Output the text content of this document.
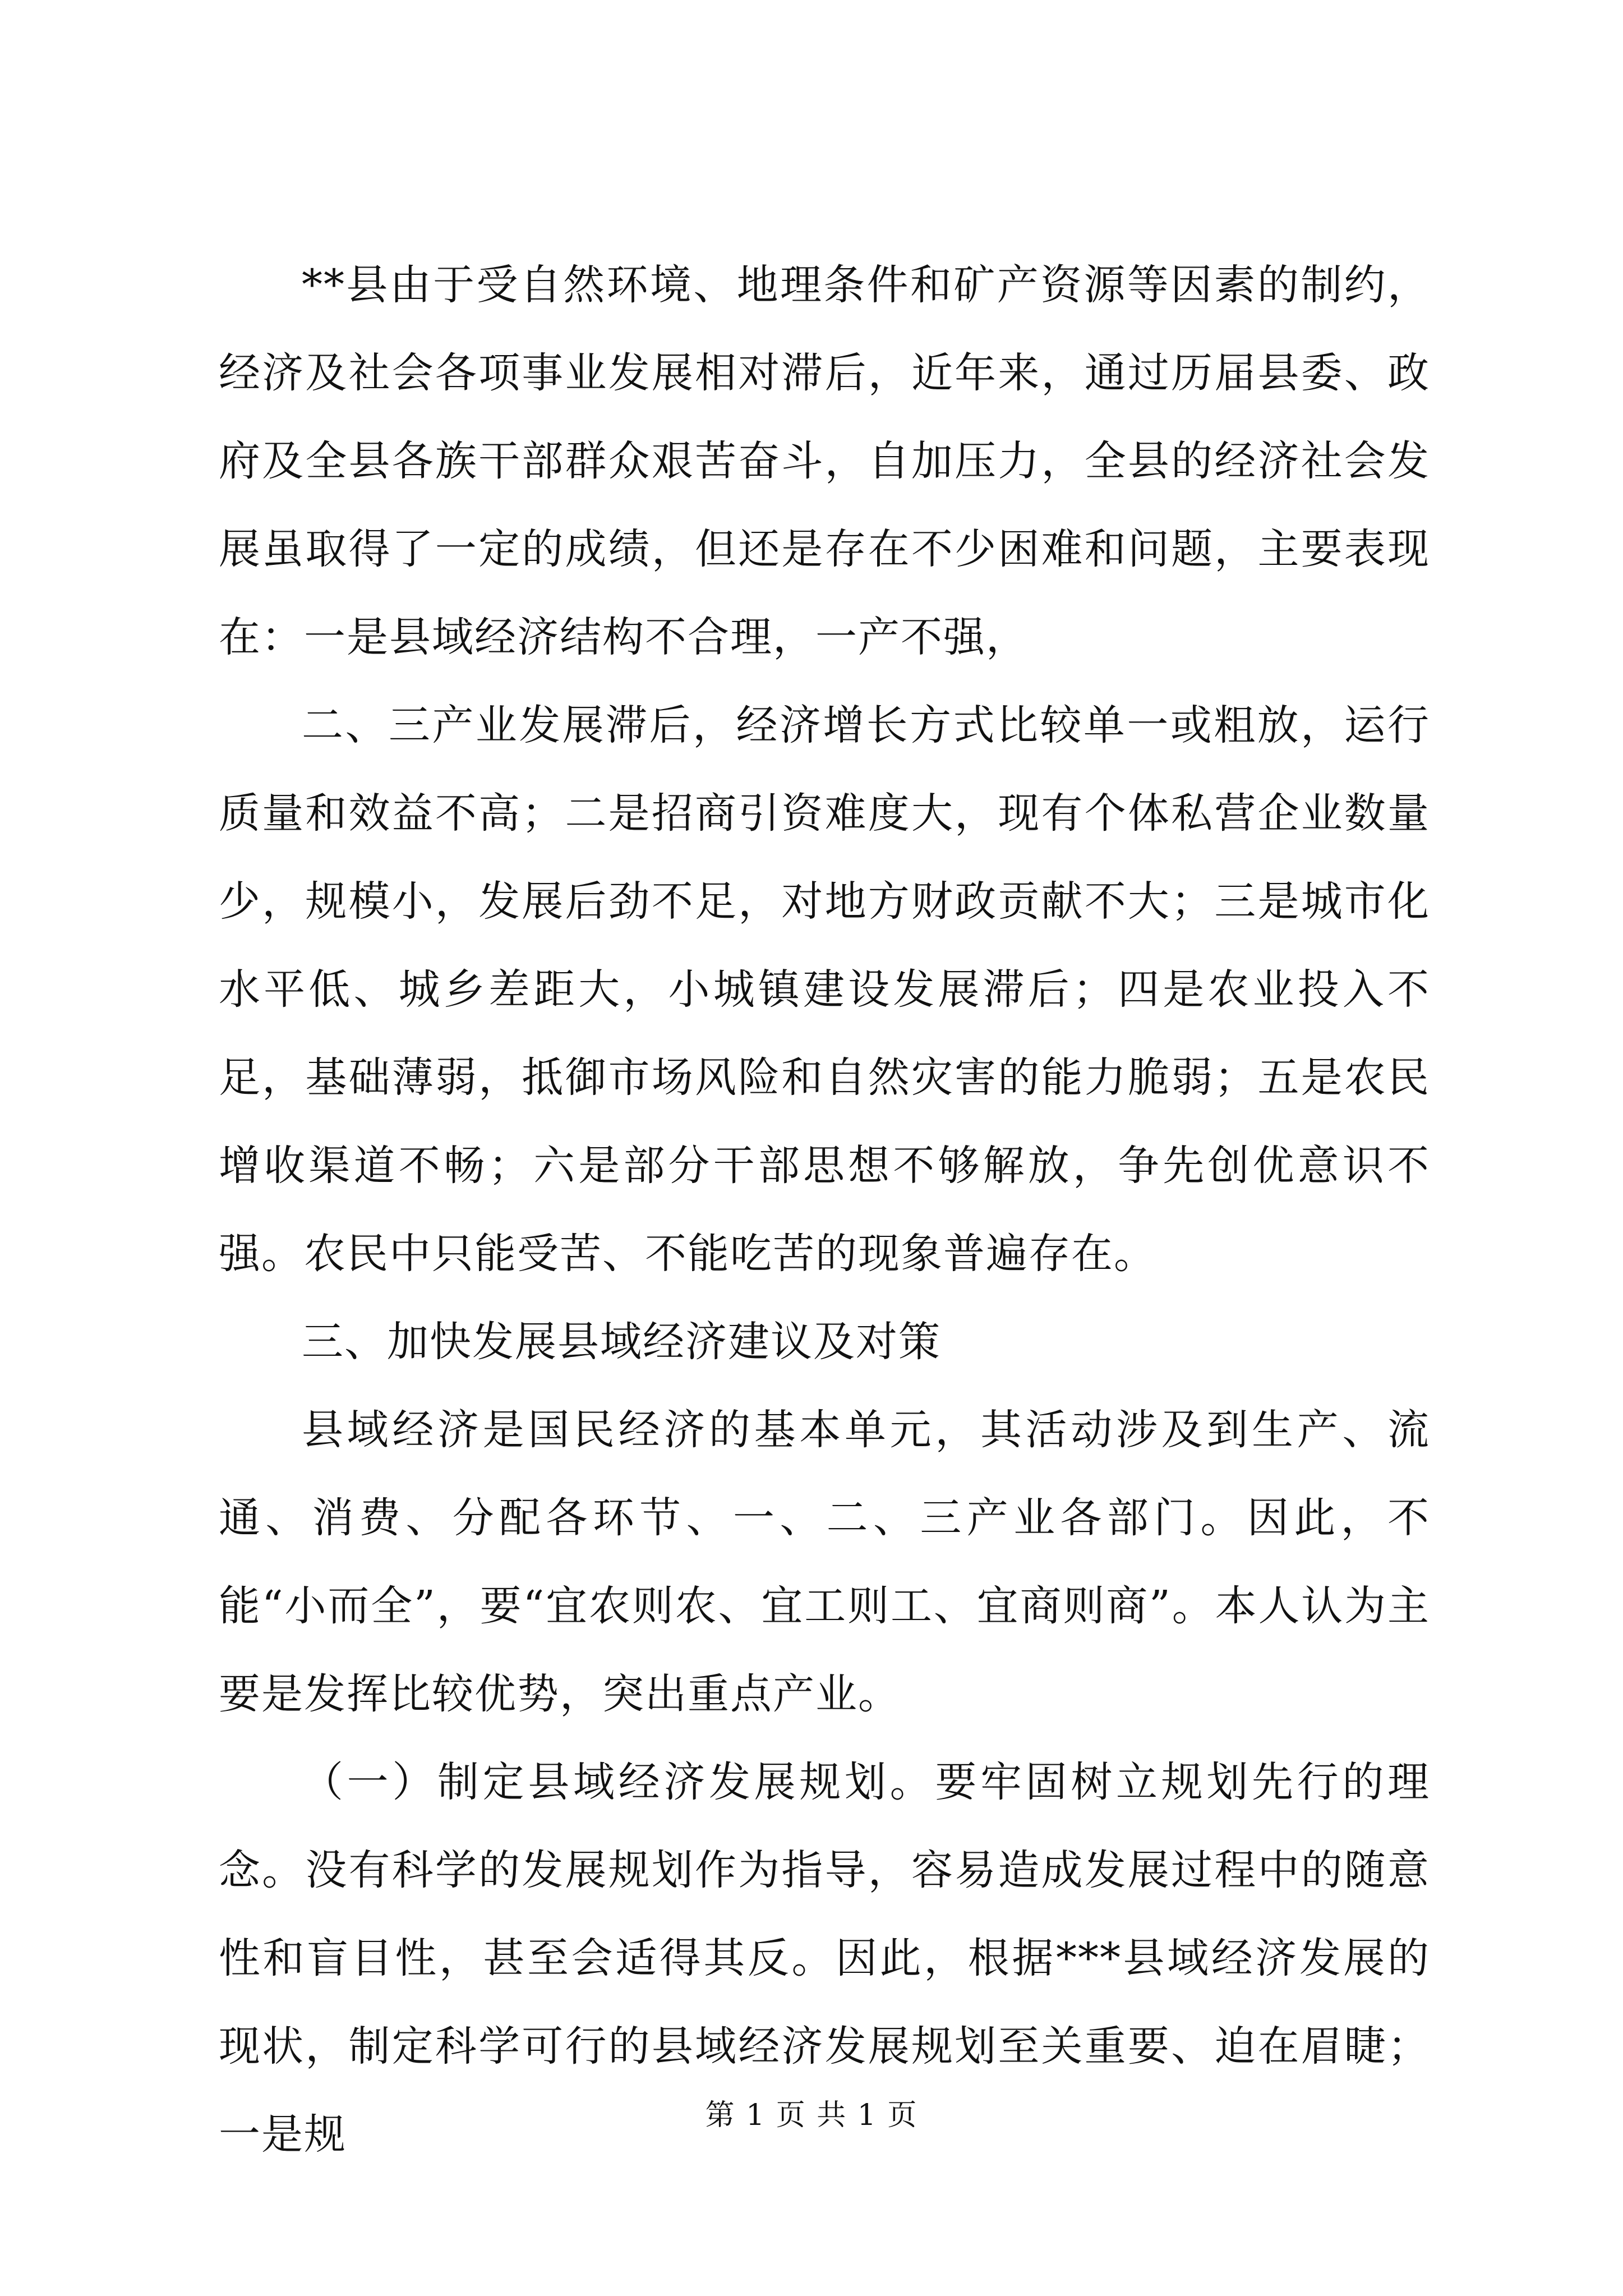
**县由于受自然环境、地理条件和矿产资源等因素的制约，经济及社会各项事业发展相对滞后，近年来，通过历届县委、政府及全县各族干部群众艰苦奋斗，自加压力，全县的经济社会发展虽取得了一定的成绩，但还是存在不少困难和问题，主要表现在：一是县域经济结构不合理，一产不强，

二、三产业发展滞后，经济增长方式比较单一或粗放，运行质量和效益不高；二是招商引资难度大，现有个体私营企业数量少，规模小，发展后劲不足，对地方财政贡献不大；三是城市化水平低、城乡差距大，小城镇建设发展滞后；四是农业投入不足，基础薄弱，抵御市场风险和自然灾害的能力脆弱；五是农民增收渠道不畅；六是部分干部思想不够解放，争先创优意识不强。农民中只能受苦、不能吃苦的现象普遍存在。

三、加快发展县域经济建议及对策

县域经济是国民经济的基本单元，其活动涉及到生产、流通、消费、分配各环节、一、二、三产业各部门。因此，不能“小而全”，要“宜农则农、宜工则工、宜商则商”。本人认为主要是发挥比较优势，突出重点产业。

（一）制定县域经济发展规划。要牢固树立规划先行的理念。没有科学的发展规划作为指导，容易造成发展过程中的随意性和盲目性，甚至会适得其反。因此，根据***县域经济发展的现状，制定科学可行的县域经济发展规划至关重要、迫在眉睫；一是规	第 1 页 共 1 页
